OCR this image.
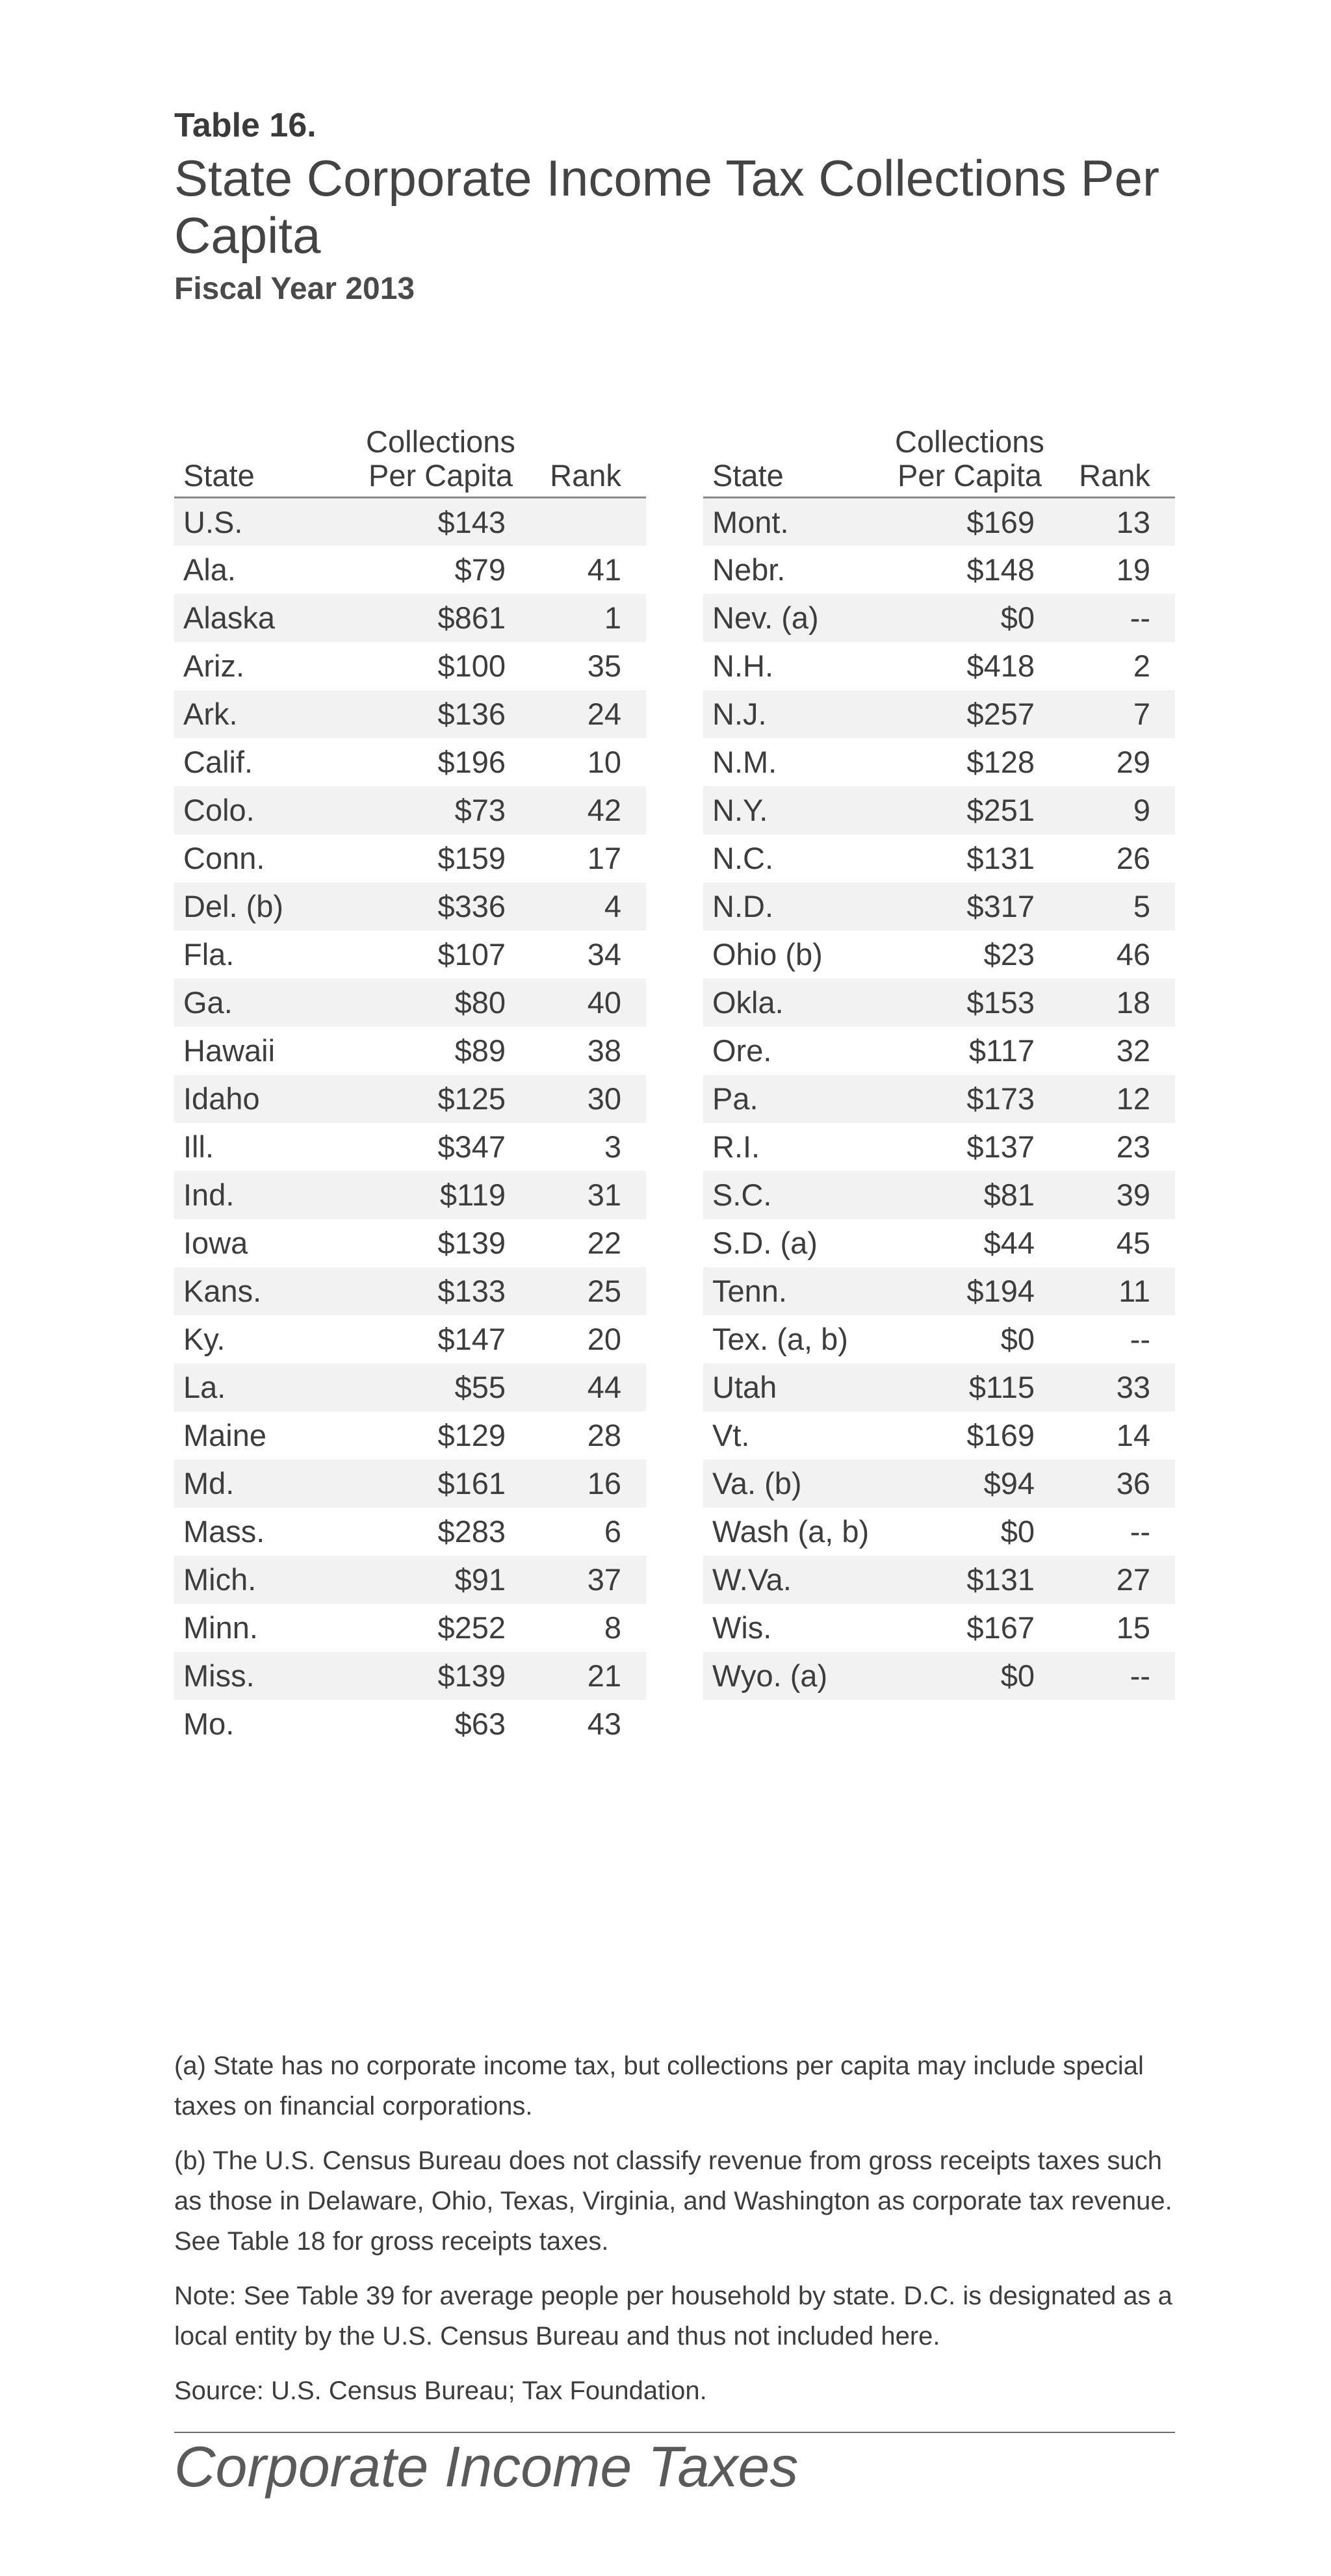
Table 16.
State Corporate Income Tax Collections Per Capita
Fiscal Year 2013
State	Collections
Per Capita	Rank
U.S.	$143	
Ala.	$79	41
Alaska	$861	1
Ariz.	$100	35
Ark.	$136	24
Calif.	$196	10
Colo.	$73	42
Conn.	$159	17
Del. (b)	$336	4
Fla.	$107	34
Ga.	$80	40
Hawaii	$89	38
Idaho	$125	30
Ill.	$347	3
Ind.	$119	31
Iowa	$139	22
Kans.	$133	25
Ky.	$147	20
La.	$55	44
Maine	$129	28
Md.	$161	16
Mass.	$283	6
Mich.	$91	37
Minn.	$252	8
Miss.	$139	21
Mo.	$63	43
State	Collections
Per Capita	Rank
Mont.	$169	13
Nebr.	$148	19
Nev. (a)	$0	--
N.H.	$418	2
N.J.	$257	7
N.M.	$128	29
N.Y.	$251	9
N.C.	$131	26
N.D.	$317	5
Ohio (b)	$23	46
Okla.	$153	18
Ore.	$117	32
Pa.	$173	12
R.I.	$137	23
S.C.	$81	39
S.D. (a)	$44	45
Tenn.	$194	11
Tex. (a, b)	$0	--
Utah	$115	33
Vt.	$169	14
Va. (b)	$94	36
Wash (a, b)	$0	--
W.Va.	$131	27
Wis.	$167	15
Wyo. (a)	$0	--

(a) State has no corporate income tax, but collections per capita may include special taxes on financial corporations.

(b) The U.S. Census Bureau does not classify revenue from gross receipts taxes such as those in Delaware, Ohio, Texas, Virginia, and Washington as corporate tax revenue. See Table 18 for gross receipts taxes.

Note: See Table 39 for average people per household by state. D.C. is designated as a local entity by the U.S. Census Bureau and thus not included here.

Source: U.S. Census Bureau; Tax Foundation.

Corporate Income Taxes
